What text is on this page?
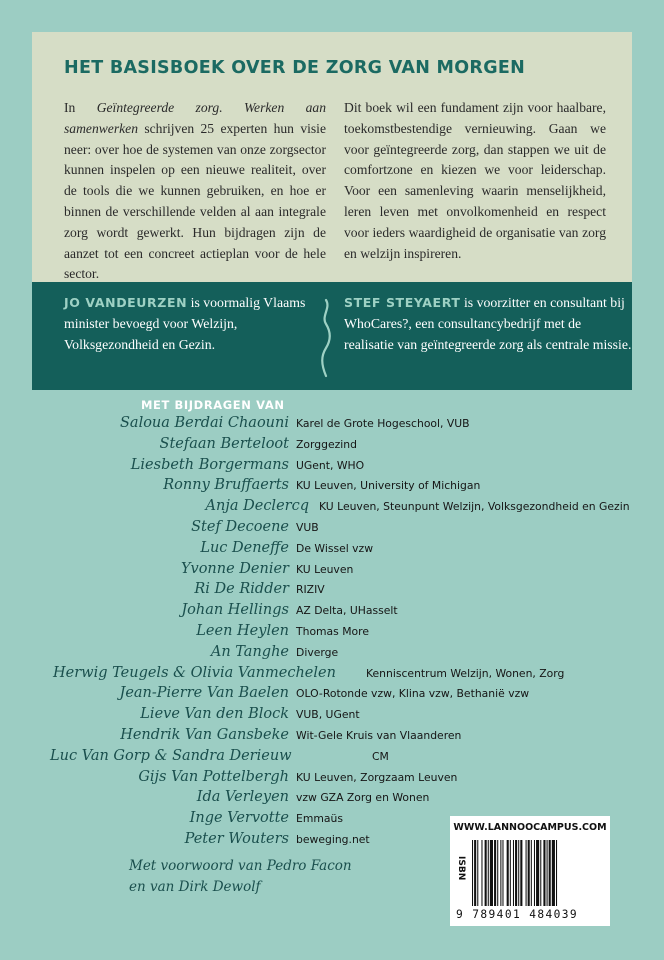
HET BASISBOEK OVER DE ZORG VAN MORGEN

In Geïntegreerde zorg. Werken aan samenwerken schrijven 25 experten hun visie neer: over hoe de systemen van onze zorgsector kunnen inspelen op een nieuwe realiteit, over de tools die we kunnen gebruiken, en hoe er binnen de verschillende velden al aan integrale zorg wordt gewerkt. Hun bijdragen zijn de aanzet tot een concreet actieplan voor de hele sector.

Dit boek wil een fundament zijn voor haalbare, toekomstbestendige vernieuwing. Gaan we voor geïntegreerde zorg, dan stappen we uit de comfortzone en kiezen we voor leiderschap. Voor een samenleving waarin menselijkheid, leren leven met onvolkomenheid en respect voor ieders waardigheid de organisatie van zorg en welzijn inspireren.

JO VANDEURZEN is voormalig Vlaams minister bevoegd voor Welzijn, Volksgezondheid en Gezin.

STEF STEYAERT is voorzitter en consultant bij WhoCares?, een consultancybedrijf met de realisatie van geïntegreerde zorg als centrale missie.

MET BIJDRAGEN VAN

Saloua Berdai Chaouni Karel de Grote Hogeschool, VUB
Stefaan Berteloot Zorggezind
Liesbeth Borgermans UGent, WHO
Ronny Bruffaerts KU Leuven, University of Michigan
Anja Declercq KU Leuven, Steunpunt Welzijn, Volksgezondheid en Gezin
Stef Decoene VUB
Luc Deneffe De Wissel vzw
Yvonne Denier KU Leuven
Ri De Ridder RIZIV
Johan Hellings AZ Delta, UHasselt
Leen Heylen Thomas More
An Tanghe Diverge
Herwig Teugels & Olivia Vanmechelen	Kenniscentrum Welzijn, Wonen, Zorg
Jean-Pierre Van Baelen OLO-Rotonde vzw, Klina vzw, Bethanië vzw
Lieve Van den Block VUB, UGent
Hendrik Van Gansbeke Wit-Gele Kruis van Vlaanderen
Luc Van Gorp & Sandra Derieuw	CM
Gijs Van Pottelbergh KU Leuven, Zorgzaam Leuven
Ida Verleyen vzw GZA Zorg en Wonen
Inge Vervotte Emmaüs
Peter Wouters beweging.net

Met voorwoord van Pedro Facon
en van Dirk Dewolf

WWW.LANNOOCAMPUS.COM

ISBN

9 789401 484039
